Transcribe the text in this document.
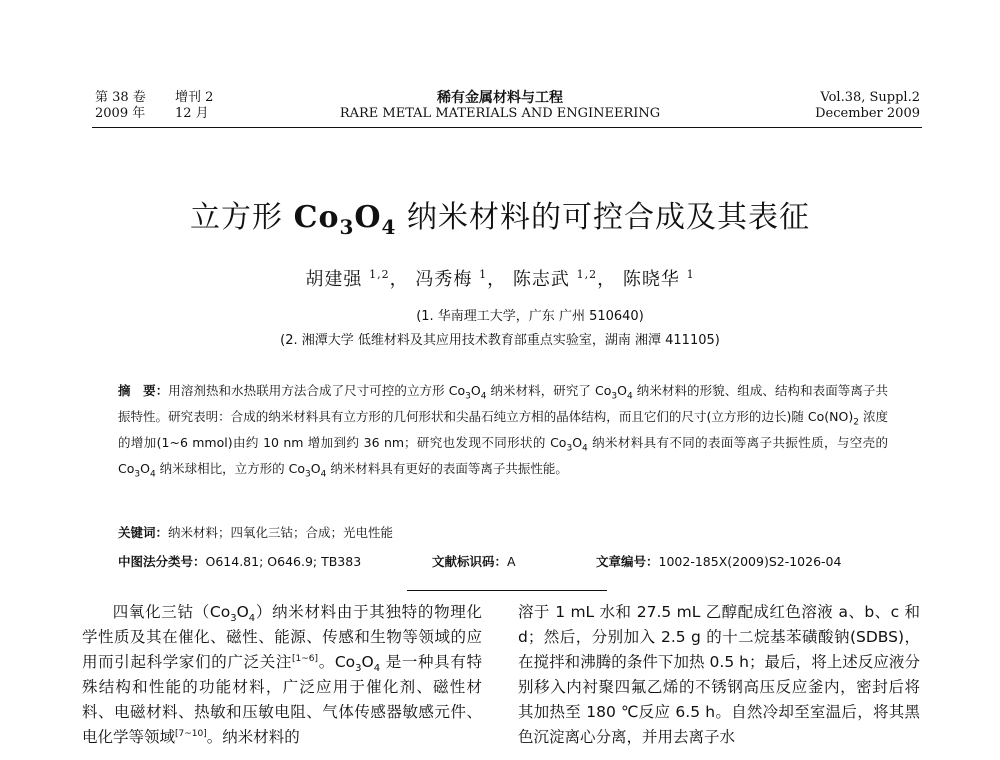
第 38 卷 增刊 2
2009 年 12 月
稀有金属材料与工程
RARE METAL MATERIALS AND ENGINEERING
Vol.38, Suppl.2
December 2009
立方形 $Co_3O_4$ 纳米材料的可控合成及其表征
胡建强 $^{1,2}$， 冯秀梅 $^1$， 陈志武 $^{1,2}$， 陈晓华 $^1$
(1. 华南理工大学，广东 广州 510640)
(2. 湘潭大学 低维材料及其应用技术教育部重点实验室，湖南 湘潭 411105)
摘　要：用溶剂热和水热联用方法合成了尺寸可控的立方形 $Co_3O_4$ 纳米材料，研究了 $Co_3O_4$ 纳米材料的形貌、组成、结构和表面等离子共振特性。研究表明：合成的纳米材料具有立方形的几何形状和尖晶石纯立方相的晶体结构，而且它们的尺寸(立方形的边长)随 $Co(NO)_2$ 浓度的增加(1~6 mmol)由约 10 nm 增加到约 36 nm；研究也发现不同形状的 $Co_3O_4$ 纳米材料具有不同的表面等离子共振性质，与空壳的 $Co_3O_4$ 纳米球相比，立方形的 $Co_3O_4$ 纳米材料具有更好的表面等离子共振性能。
关键词：纳米材料；四氧化三钴；合成；光电性能
中图法分类号：O614.81; O646.9; TB383	文献标识码：A	文章编号：1002-185X(2009)S2-1026-04
四氧化三钴$(Co_3O_4)$纳米材料由于其独特的物理化学性质及其在催化、磁性、能源、传感和生物等领域的应用而引起科学家们的广泛关注[1~6]。$Co_3O_4$ 是一种具有特殊结构和性能的功能材料，广泛应用于催化剂、磁性材料、电磁材料、热敏和压敏电阻、气体传感器敏感元件、电化学等领域[7~10]。纳米材料的
溶于 1 mL 水和 27.5 mL 乙醇配成红色溶液 a、b、c 和 d；然后，分别加入 2.5 g 的十二烷基苯磺酸钠(SDBS)，在搅拌和沸腾的条件下加热 0.5 h；最后，将上述反应液分别移入内衬聚四氟乙烯的不锈钢高压反应釜内，密封后将其加热至 180 ℃反应 6.5 h。自然冷却至室温后，将其黑色沉淀离心分离，并用去离子水
